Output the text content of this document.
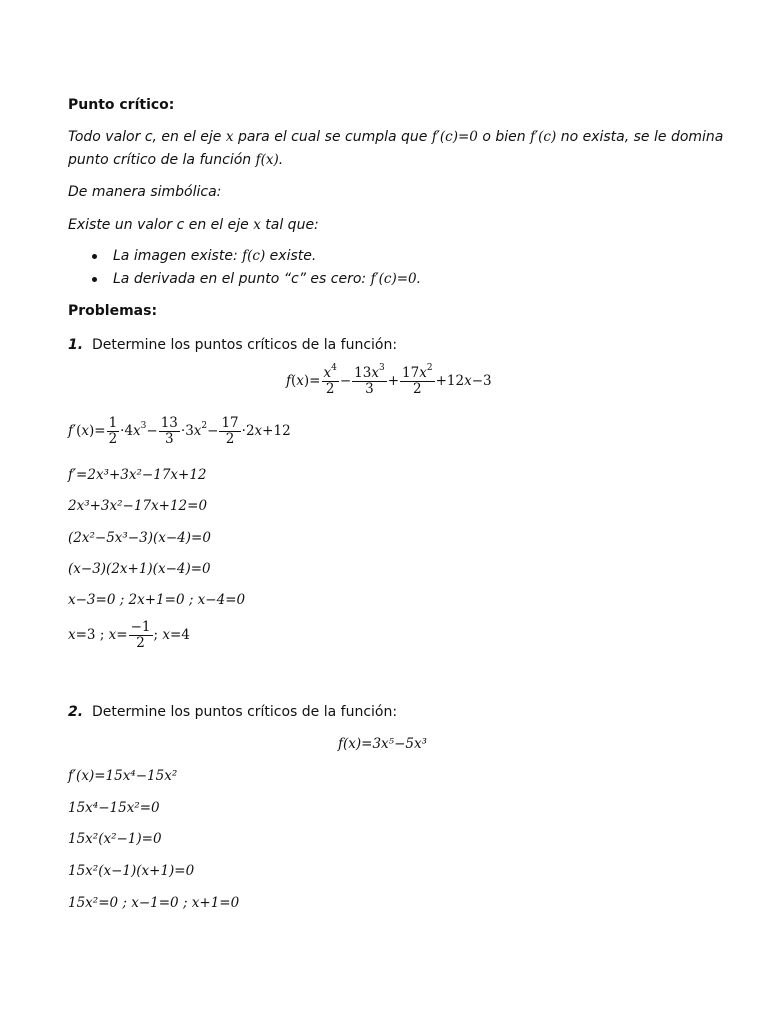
Punto crítico:
Todo valor c, en el eje x para el cual se cumpla que f′(c)=0 o bien f′(c) no exista, se le domina
punto crítico de la función f(x).
De manera simbólica:
Existe un valor c en el eje x tal que:
La imagen existe: f(c) existe.
La derivada en el punto “c” es cero: f′(c)=0.
Problemas:
1. Determine los puntos críticos de la función:
$f(x)= \frac{x^4}{2} - \frac{13x^3}{3} + \frac{17x^2}{2} +12x-3$
$f'(x)= \frac{1}{2} \cdot 4x^3- \frac{13}{3} \cdot 3x^2- \frac{17}{2} \cdot 2x+12$
f′=2x³+3x²−17x+12
2x³+3x²−17x+12=0
(2x²−5x³−3)(x−4)=0
(x−3)(2x+1)(x−4)=0
x−3=0 ; 2x+1=0 ; x−4=0
x=3 ; $x= \frac{-1}{2}$ ; x=4
2. Determine los puntos críticos de la función:
f(x)=3x⁵−5x³
f′(x)=15x⁴−15x²
15x⁴−15x²=0
15x²(x²−1)=0
15x²(x−1)(x+1)=0
15x²=0 ; x−1=0 ; x+1=0
